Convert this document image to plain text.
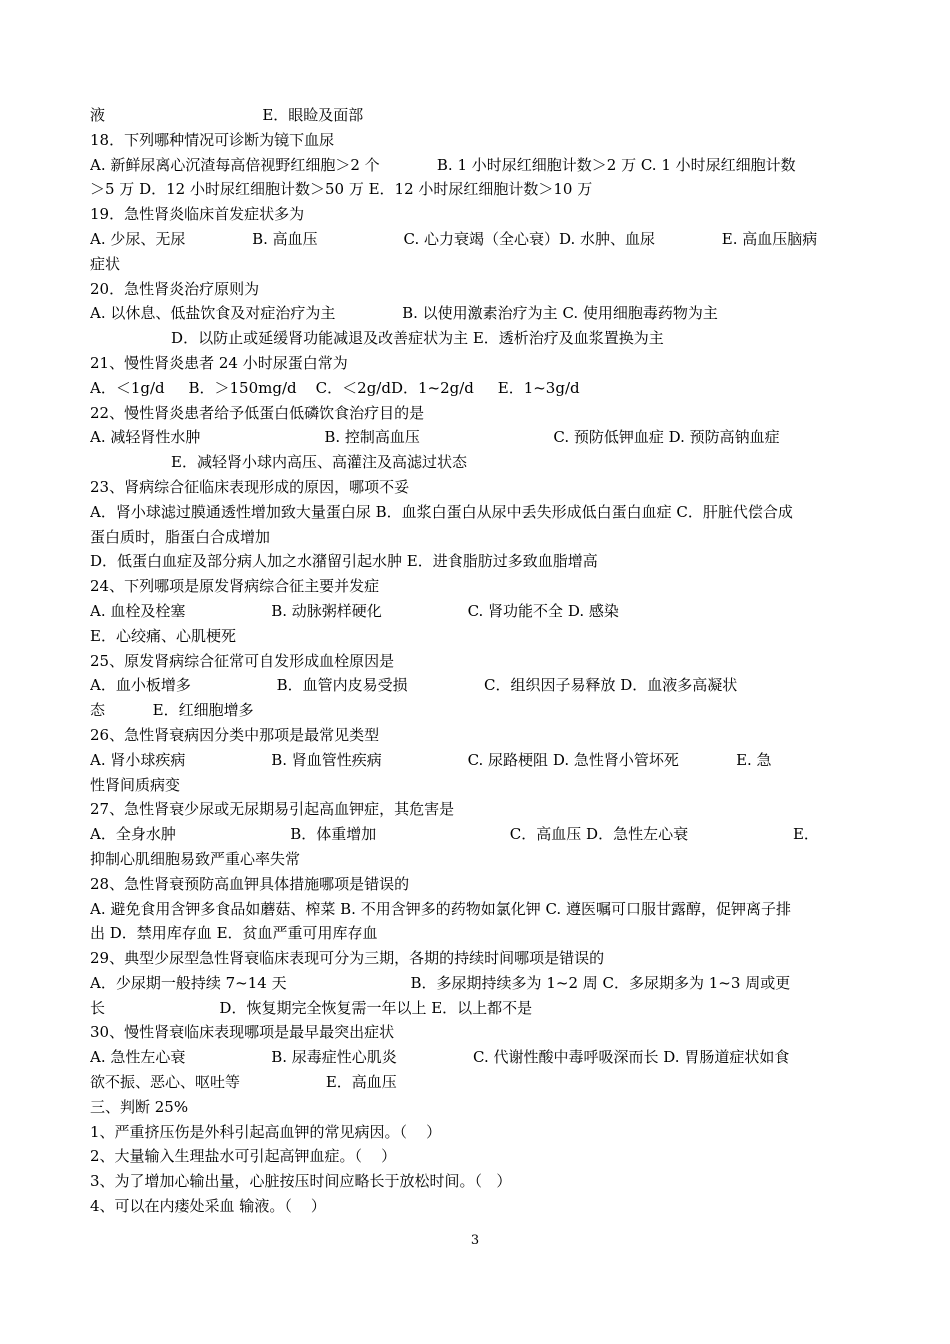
液                                 E．眼睑及面部
18．下列哪种情况可诊断为镜下血尿
A. 新鲜尿离心沉渣每高倍视野红细胞＞2 个            B. 1 小时尿红细胞计数＞2 万 C. 1 小时尿红细胞计数
＞5 万 D．12 小时尿红细胞计数＞50 万 E．12 小时尿红细胞计数＞10 万
19．急性肾炎临床首发症状多为
A. 少尿、无尿              B. 高血压                  C. 心力衰竭（全心衰）D. 水肿、血尿              E. 高血压脑病
症状
20．急性肾炎治疗原则为
A. 以休息、低盐饮食及对症治疗为主              B. 以使用激素治疗为主 C. 使用细胞毒药物为主
D．以防止或延缓肾功能减退及改善症状为主 E．透析治疗及血浆置换为主
21、慢性肾炎患者 24 小时尿蛋白常为
A．＜1g/d     B．＞150mg/d    C．＜2g/dD．1~2g/d     E．1~3g/d
22、慢性肾炎患者给予低蛋白低磷饮食治疗目的是
A. 减轻肾性水肿                          B. 控制高血压                            C. 预防低钾血症 D. 预防高钠血症
E．减轻肾小球内高压、高灌注及高滤过状态
23、肾病综合征临床表现形成的原因，哪项不妥
A．肾小球滤过膜通透性增加致大量蛋白尿 B．血浆白蛋白从尿中丢失形成低白蛋白血症 C．肝脏代偿合成
蛋白质时，脂蛋白合成增加
D．低蛋白血症及部分病人加之水潴留引起水肿 E．进食脂肪过多致血脂增高
24、下列哪项是原发肾病综合征主要并发症
A. 血栓及栓塞                  B. 动脉粥样硬化                  C. 肾功能不全 D. 感染
E．心绞痛、心肌梗死
25、原发肾病综合征常可自发形成血栓原因是
A．血小板增多                  B．血管内皮易受损                C．组织因子易释放 D．血液多高凝状
态          E．红细胞增多
26、急性肾衰病因分类中那项是最常见类型
A. 肾小球疾病                  B. 肾血管性疾病                  C. 尿路梗阻 D. 急性肾小管坏死            E. 急
性肾间质病变
27、急性肾衰少尿或无尿期易引起高血钾症，其危害是
A．全身水肿                        B．体重增加                            C．高血压 D．急性左心衰                      E．
抑制心肌细胞易致严重心率失常
28、急性肾衰预防高血钾具体措施哪项是错误的
A. 避免食用含钾多食品如蘑菇、榨菜 B. 不用含钾多的药物如氯化钾 C. 遵医嘱可口服甘露醇，促钾离子排
出 D．禁用库存血 E．贫血严重可用库存血
29、典型少尿型急性肾衰临床表现可分为三期，各期的持续时间哪项是错误的
A．少尿期一般持续 7~14 天                          B．多尿期持续多为 1~2 周 C．多尿期多为 1~3 周或更
长                        D．恢复期完全恢复需一年以上 E．以上都不是
30、慢性肾衰临床表现哪项是最早最突出症状
A. 急性左心衰                  B. 尿毒症性心肌炎                C. 代谢性酸中毒呼吸深而长 D. 胃肠道症状如食
欲不振、恶心、呕吐等                  E．高血压
三、判断 25%
1、严重挤压伤是外科引起高血钾的常见病因。（    ）
2、大量输入生理盐水可引起高钾血症。（    ）
3、为了增加心输出量，心脏按压时间应略长于放松时间。（   ）
4、可以在内瘘处采血 输液。（    ）
3
